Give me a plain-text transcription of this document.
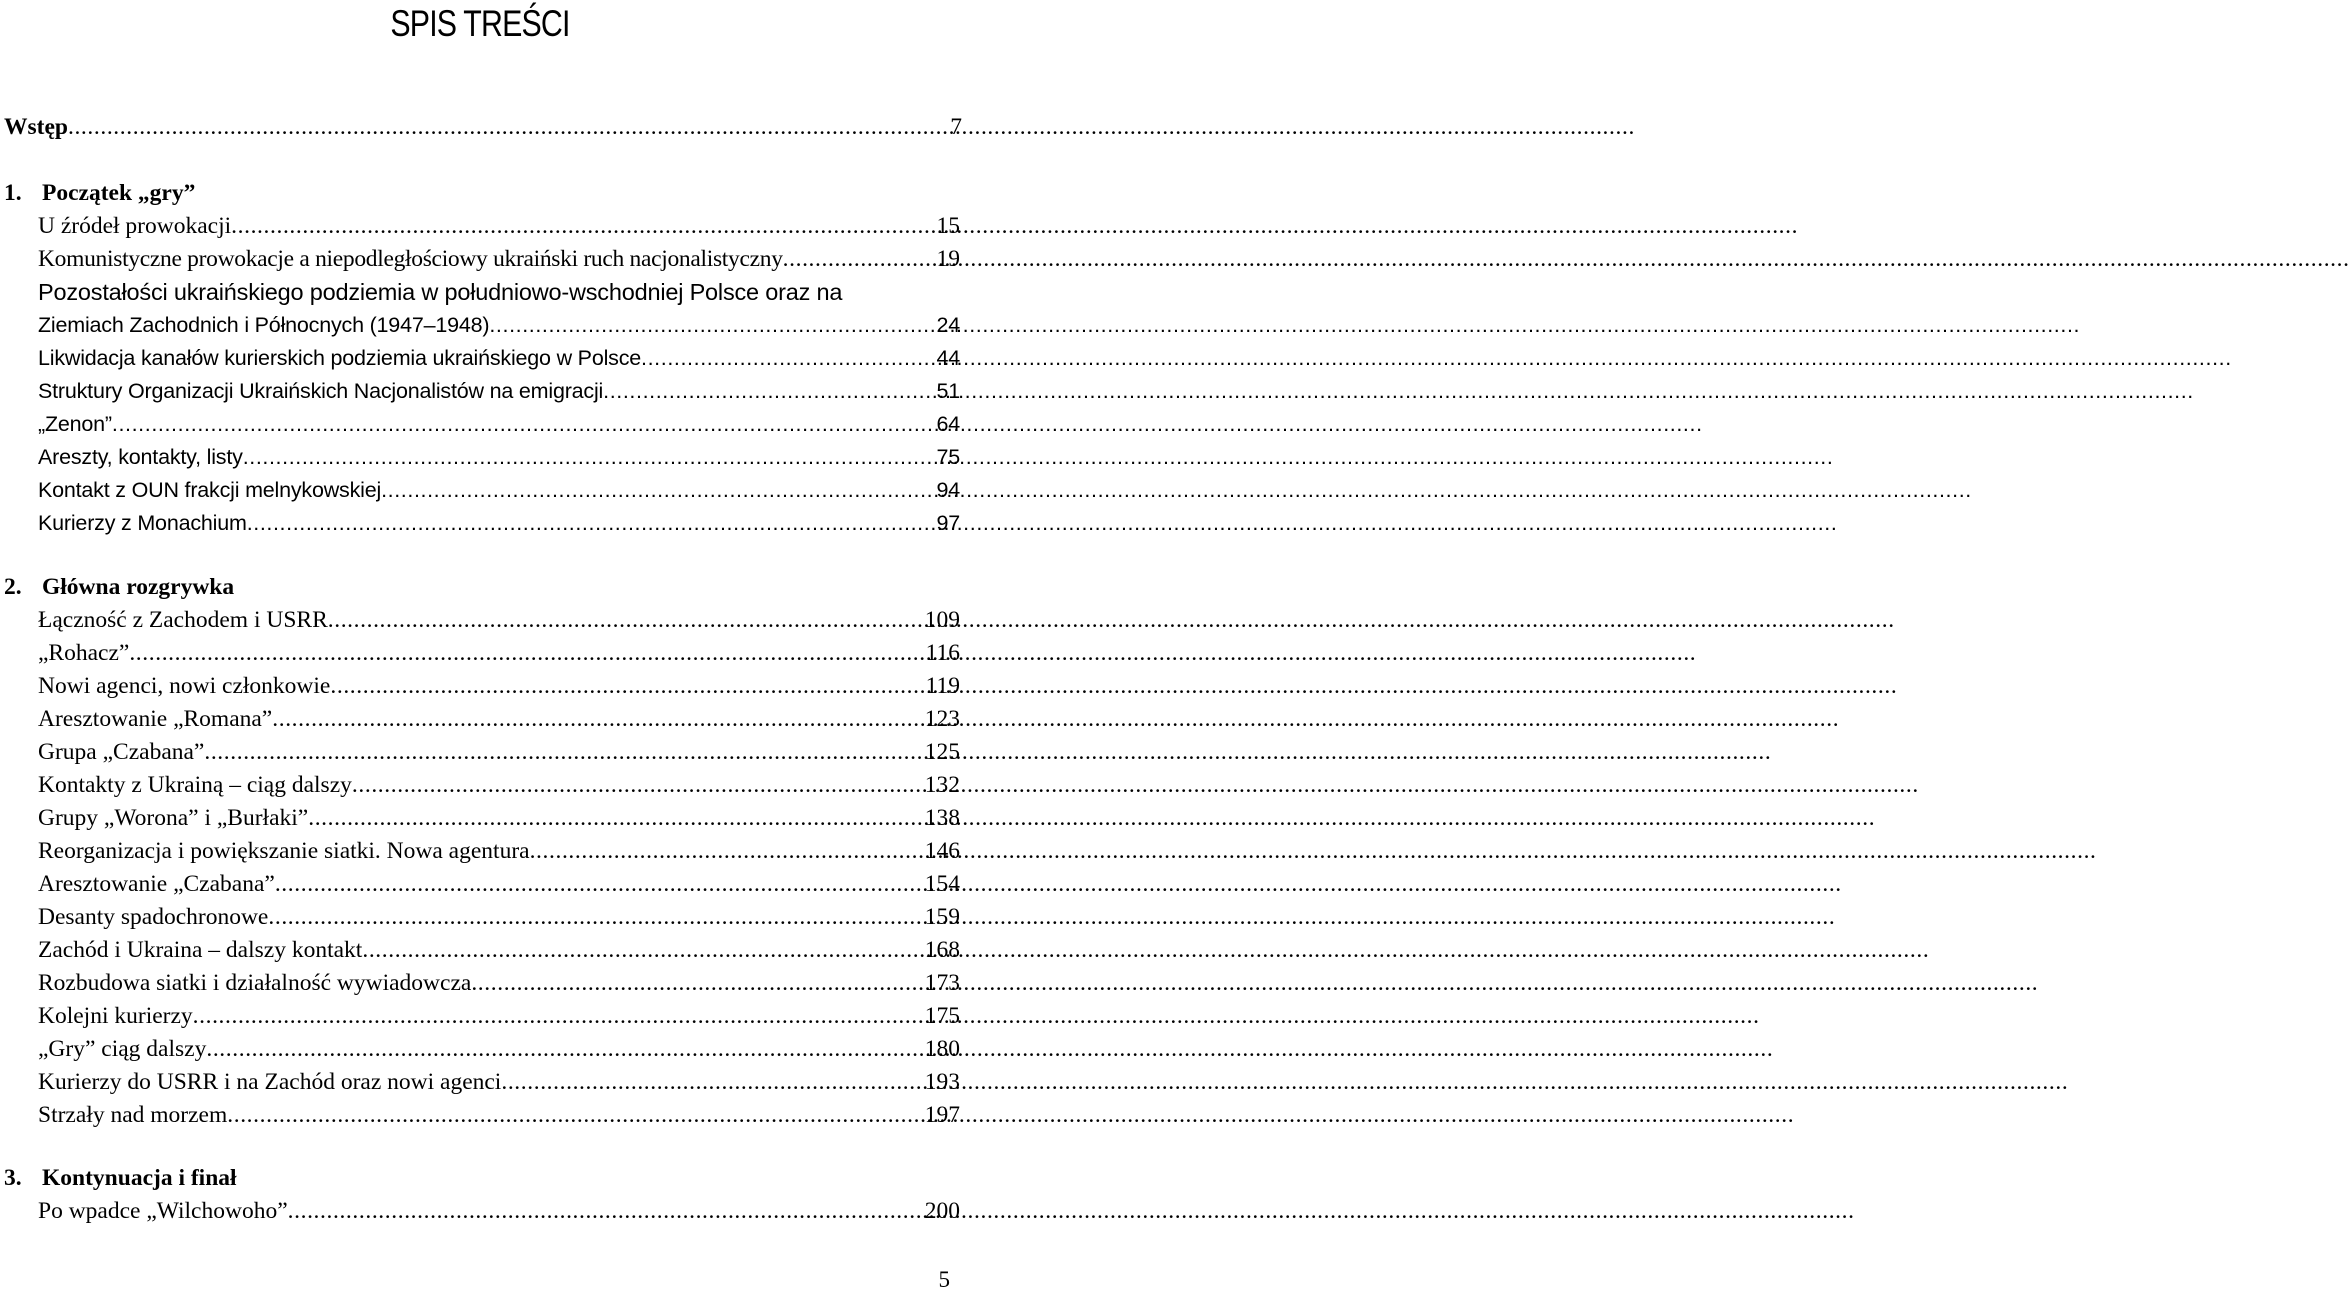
SPIS TREŚCI
Wstęp .....	7
1. Początek „gry”
U źródeł prowokacji .....	15
Komunistyczne prowokacje a niepodległościowy ukraiński ruch nacjonalistyczny .....	19
Pozostałości ukraińskiego podziemia w południowo-wschodniej Polsce oraz na
Ziemiach Zachodnich i Północnych (1947–1948) .....	24
Likwidacja kanałów kurierskich podziemia ukraińskiego w Polsce .....	44
Struktury Organizacji Ukraińskich Nacjonalistów na emigracji .....	51
„Zenon” .....	64
Areszty, kontakty, listy .....	75
Kontakt z OUN frakcji melnykowskiej .....	94
Kurierzy z Monachium .....	97
2. Główna rozgrywka
Łączność z Zachodem i USRR .....	109
„Rohacz” .....	116
Nowi agenci, nowi członkowie .....	119
Aresztowanie „Romana” .....	123
Grupa „Czabana” .....	125
Kontakty z Ukrainą – ciąg dalszy .....	132
Grupy „Worona” i „Burłaki” .....	138
Reorganizacja i powiększanie siatki. Nowa agentura .....	146
Aresztowanie „Czabana” .....	154
Desanty spadochronowe .....	159
Zachód i Ukraina – dalszy kontakt .....	168
Rozbudowa siatki i działalność wywiadowcza .....	173
Kolejni kurierzy .....	175
„Gry” ciąg dalszy .....	180
Kurierzy do USRR i na Zachód oraz nowi agenci .....	193
Strzały nad morzem .....	197
3. Kontynuacja i finał
Po wpadce „Wilchowoho” .....	200
5
